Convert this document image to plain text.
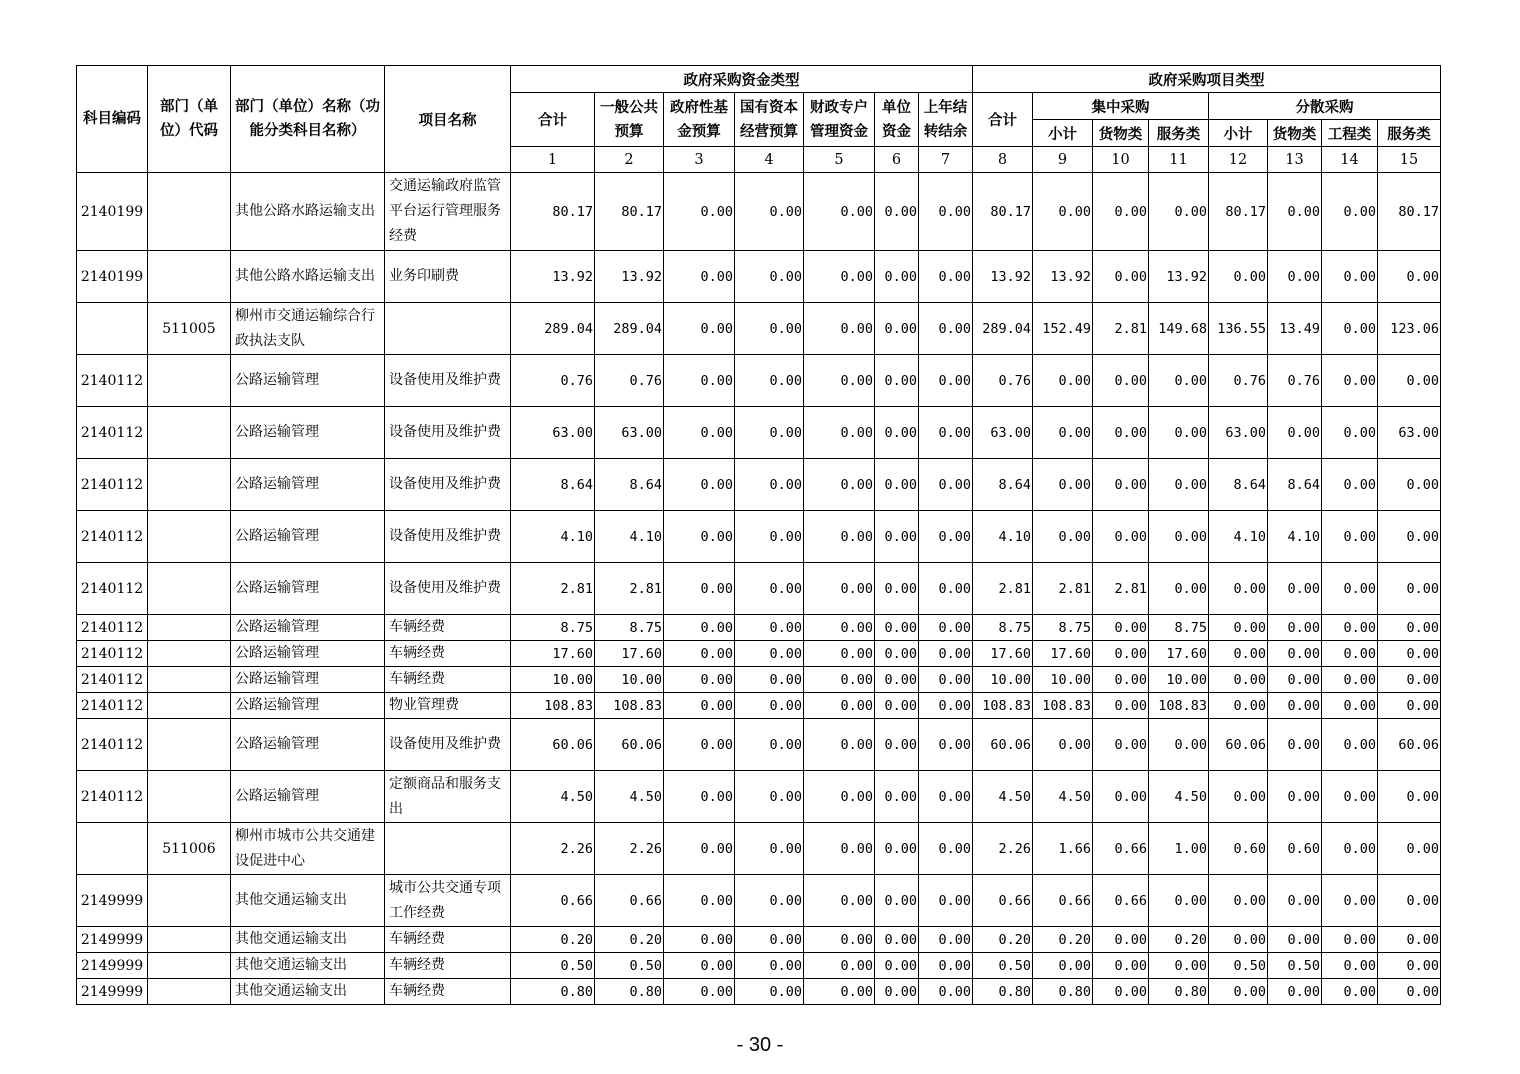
科目编码	部门（单位）代码	部门（单位）名称（功能分类科目名称）	项目名称	政府采购资金类型							政府采购项目类型							
				合计	一般公共预算	政府性基金预算	国有资本经营预算	财政专户管理资金	单位资金	上年结转结余	合计	集中采购			分散采购			
												小计	货物类	服务类	小计	货物类	工程类	服务类
				1	2	3	4	5	6	7	8	9	10	11	12	13	14	15
2140199		其他公路水路运输支出	交通运输政府监管平台运行管理服务经费	80.17	80.17	0.00	0.00	0.00	0.00	0.00	80.17	0.00	0.00	0.00	80.17	0.00	0.00	80.17
2140199		其他公路水路运输支出	业务印刷费	13.92	13.92	0.00	0.00	0.00	0.00	0.00	13.92	13.92	0.00	13.92	0.00	0.00	0.00	0.00
	511005	柳州市交通运输综合行政执法支队		289.04	289.04	0.00	0.00	0.00	0.00	0.00	289.04	152.49	2.81	149.68	136.55	13.49	0.00	123.06
2140112		公路运输管理	设备使用及维护费	0.76	0.76	0.00	0.00	0.00	0.00	0.00	0.76	0.00	0.00	0.00	0.76	0.76	0.00	0.00
2140112		公路运输管理	设备使用及维护费	63.00	63.00	0.00	0.00	0.00	0.00	0.00	63.00	0.00	0.00	0.00	63.00	0.00	0.00	63.00
2140112		公路运输管理	设备使用及维护费	8.64	8.64	0.00	0.00	0.00	0.00	0.00	8.64	0.00	0.00	0.00	8.64	8.64	0.00	0.00
2140112		公路运输管理	设备使用及维护费	4.10	4.10	0.00	0.00	0.00	0.00	0.00	4.10	0.00	0.00	0.00	4.10	4.10	0.00	0.00
2140112		公路运输管理	设备使用及维护费	2.81	2.81	0.00	0.00	0.00	0.00	0.00	2.81	2.81	2.81	0.00	0.00	0.00	0.00	0.00
2140112		公路运输管理	车辆经费	8.75	8.75	0.00	0.00	0.00	0.00	0.00	8.75	8.75	0.00	8.75	0.00	0.00	0.00	0.00
2140112		公路运输管理	车辆经费	17.60	17.60	0.00	0.00	0.00	0.00	0.00	17.60	17.60	0.00	17.60	0.00	0.00	0.00	0.00
2140112		公路运输管理	车辆经费	10.00	10.00	0.00	0.00	0.00	0.00	0.00	10.00	10.00	0.00	10.00	0.00	0.00	0.00	0.00
2140112		公路运输管理	物业管理费	108.83	108.83	0.00	0.00	0.00	0.00	0.00	108.83	108.83	0.00	108.83	0.00	0.00	0.00	0.00
2140112		公路运输管理	设备使用及维护费	60.06	60.06	0.00	0.00	0.00	0.00	0.00	60.06	0.00	0.00	0.00	60.06	0.00	0.00	60.06
2140112		公路运输管理	定额商品和服务支出	4.50	4.50	0.00	0.00	0.00	0.00	0.00	4.50	4.50	0.00	4.50	0.00	0.00	0.00	0.00
	511006	柳州市城市公共交通建设促进中心		2.26	2.26	0.00	0.00	0.00	0.00	0.00	2.26	1.66	0.66	1.00	0.60	0.60	0.00	0.00
2149999		其他交通运输支出	城市公共交通专项工作经费	0.66	0.66	0.00	0.00	0.00	0.00	0.00	0.66	0.66	0.66	0.00	0.00	0.00	0.00	0.00
2149999		其他交通运输支出	车辆经费	0.20	0.20	0.00	0.00	0.00	0.00	0.00	0.20	0.20	0.00	0.20	0.00	0.00	0.00	0.00
2149999		其他交通运输支出	车辆经费	0.50	0.50	0.00	0.00	0.00	0.00	0.00	0.50	0.00	0.00	0.00	0.50	0.50	0.00	0.00
2149999		其他交通运输支出	车辆经费	0.80	0.80	0.00	0.00	0.00	0.00	0.00	0.80	0.80	0.00	0.80	0.00	0.00	0.00	0.00
- 30 -
